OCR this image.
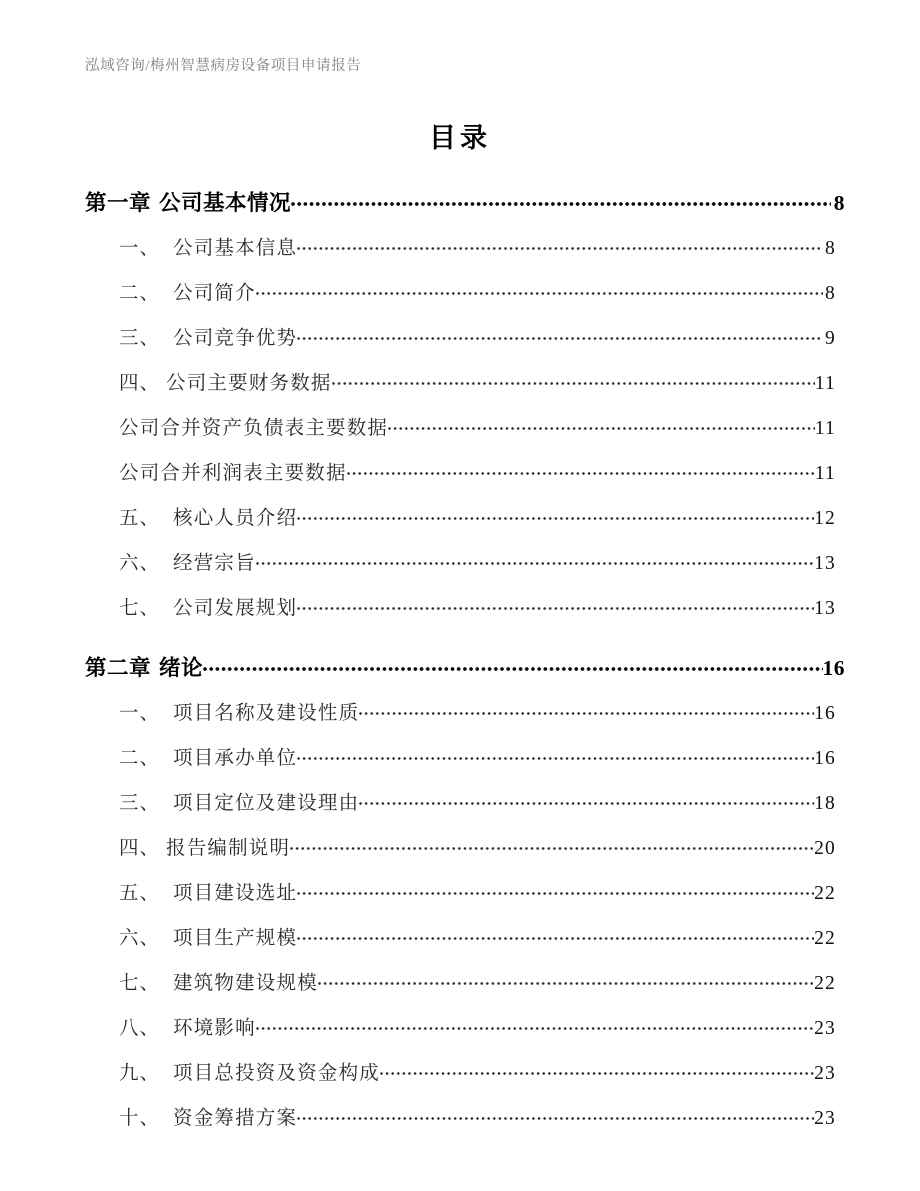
泓域咨询/梅州智慧病房设备项目申请报告
目录
第一章 公司基本情况	8
一、 公司基本信息	8
二、 公司简介	8
三、 公司竞争优势	9
四、 公司主要财务数据	11
公司合并资产负债表主要数据	11
公司合并利润表主要数据	11
五、 核心人员介绍	12
六、 经营宗旨	13
七、 公司发展规划	13
第二章 绪论	16
一、 项目名称及建设性质	16
二、 项目承办单位	16
三、 项目定位及建设理由	18
四、 报告编制说明	20
五、 项目建设选址	22
六、 项目生产规模	22
七、 建筑物建设规模	22
八、 环境影响	23
九、 项目总投资及资金构成	23
十、 资金筹措方案	23
